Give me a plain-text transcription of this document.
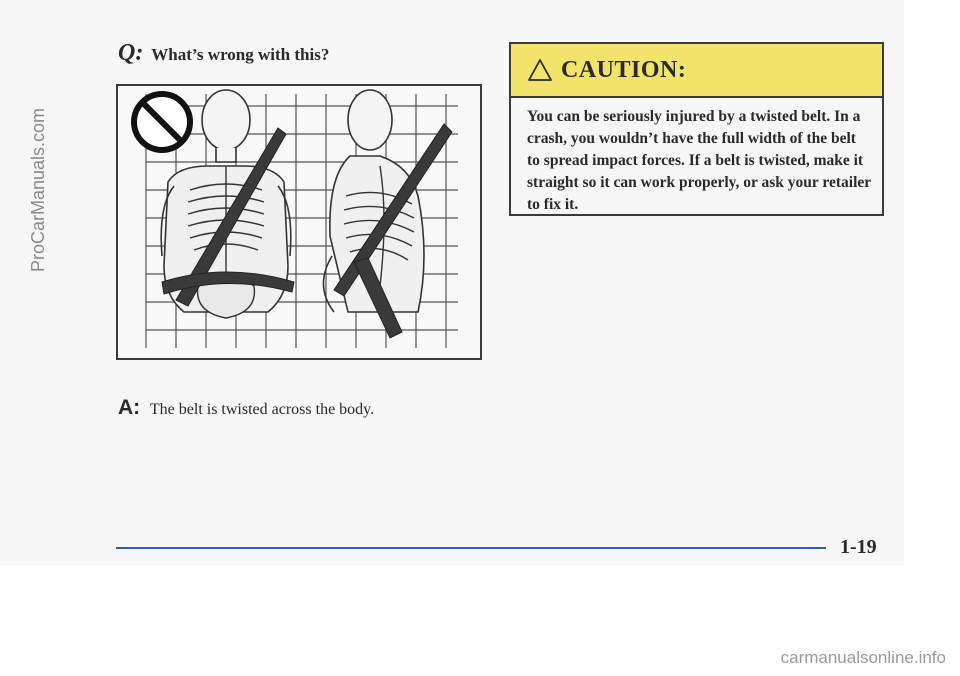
ProCarManuals.com
Q: What’s wrong with this?
A: The belt is twisted across the body.
CAUTION:
You can be seriously injured by a twisted belt. In a crash, you wouldn’t have the full width of the belt to spread impact forces. If a belt is twisted, make it straight so it can work properly, or ask your retailer to fix it.
1-19
carmanualsonline.info
